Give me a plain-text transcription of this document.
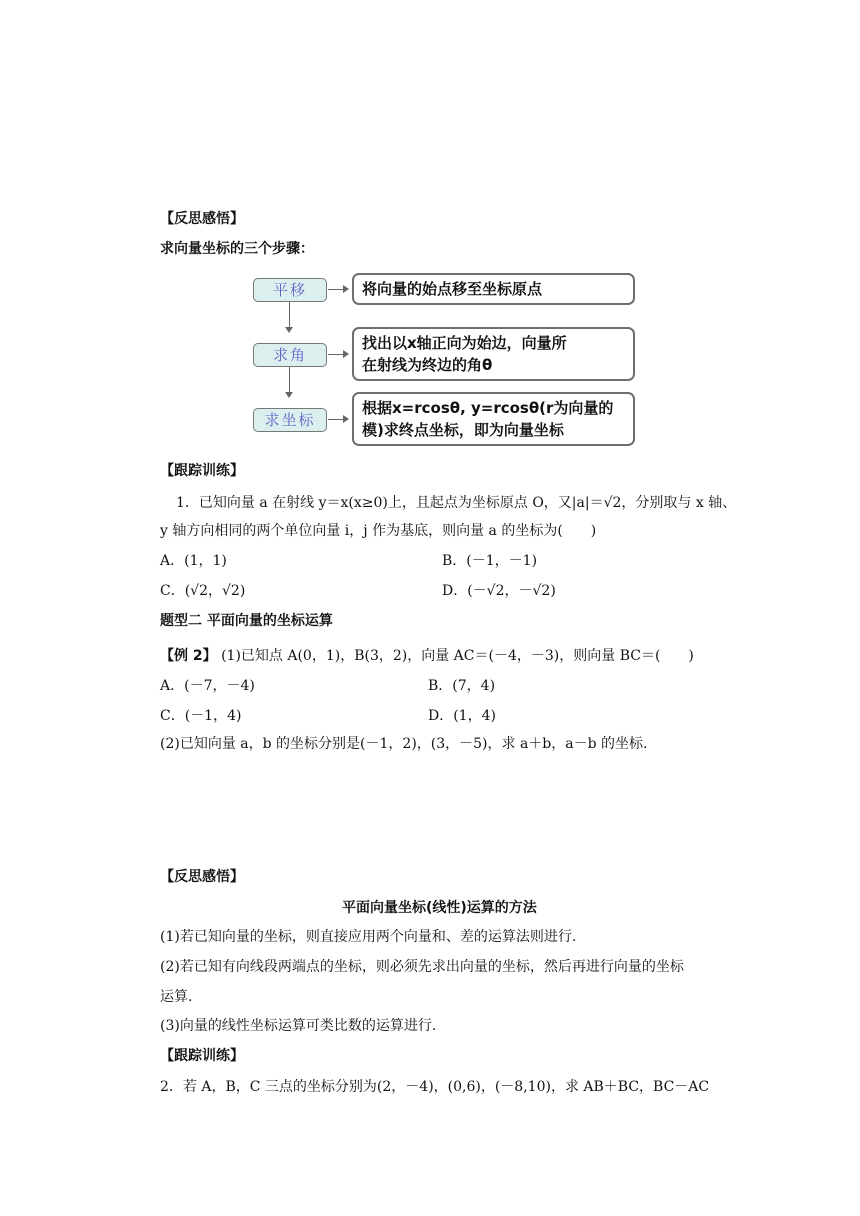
【反思感悟】
求向量坐标的三个步骤：
平移
求角
求坐标
将向量的始点移至坐标原点
找出以x轴正向为始边，向量所
在射线为终边的角θ
根据x=rcosθ, y=rcosθ(r为向量的
模)求终点坐标，即为向量坐标
【跟踪训练】
1．已知向量 a 在射线 y＝x(x≥0)上，且起点为坐标原点 O，又|a|＝√2，分别取与 x 轴、
y 轴方向相同的两个单位向量 i，j 作为基底，则向量 a 的坐标为(　　)
A．(1，1)	B．(－1，－1)
C．(√2，√2)	D．(－√2，－√2)
题型二 平面向量的坐标运算
【例 2】 (1)已知点 A(0，1)，B(3，2)，向量 AC＝(－4，－3)，则向量 BC＝(　　)
A．(－7，－4)	B．(7，4)
C．(－1，4)	D．(1，4)
(2)已知向量 a，b 的坐标分别是(－1，2)，(3，－5)，求 a＋b，a－b 的坐标.
【反思感悟】
平面向量坐标(线性)运算的方法
(1)若已知向量的坐标，则直接应用两个向量和、差的运算法则进行.
(2)若已知有向线段两端点的坐标，则必须先求出向量的坐标，然后再进行向量的坐标
运算.
(3)向量的线性坐标运算可类比数的运算进行.
【跟踪训练】
2．若 A，B，C 三点的坐标分别为(2，－4)，(0,6)，(－8,10)，求 AB＋BC，BC－AC
